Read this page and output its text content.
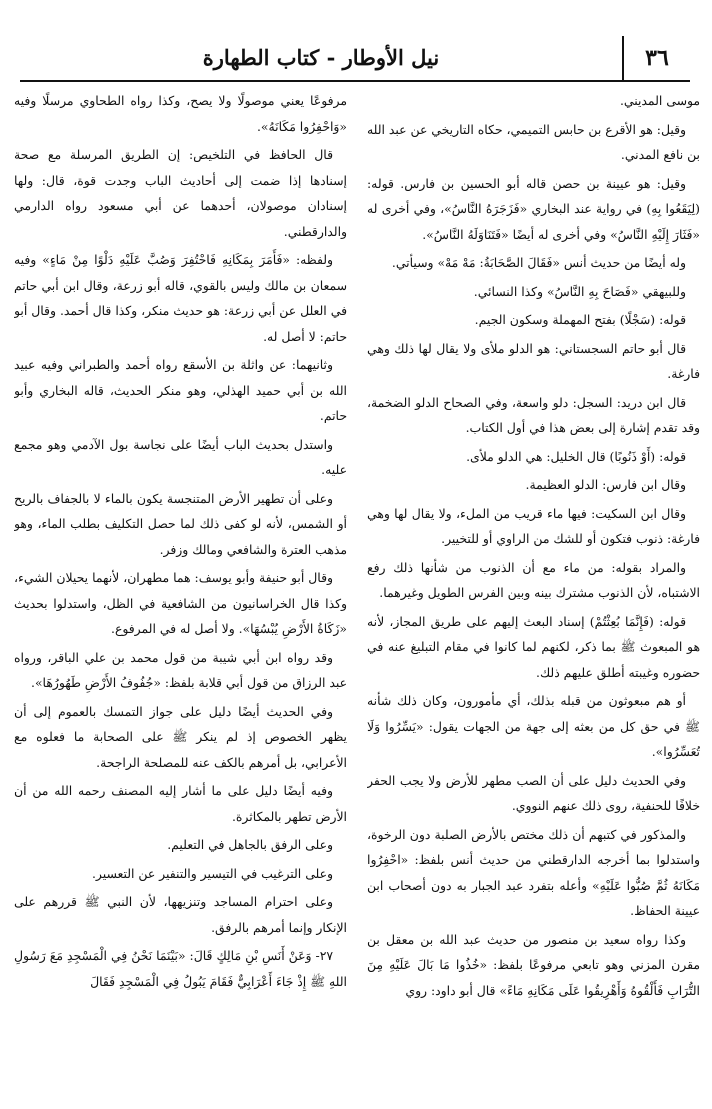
نيل الأوطار - كتاب الطهارة	٣٦

موسى المديني.

وقيل: هو الأقرع بن حابس التميمي، حكاه التاريخي عن عبد الله بن نافع المدني.

وقيل: هو عيينة بن حصن قاله أبو الحسين بن فارس. قوله: (لِيَقَعُوا بِهِ) في رواية عند البخاري «فَزَجَرَهُ النَّاسُ»، وفي أخرى له «فَثَارَ إِلَيْهِ النَّاسُ» وفي أخرى له أيضًا «فَتَنَاوَلَهُ النَّاسُ».

وله أيضًا من حديث أنس «فَقَالَ الصَّحَابَةُ: مَهْ مَهْ» وسيأتي.

وللبيهقي «فَصَاحَ بِهِ النَّاسُ» وكذا النسائي.

قوله: (سَجْلًا) بفتح المهملة وسكون الجيم.

قال أبو حاتم السجستاني: هو الدلو ملأى ولا يقال لها ذلك وهي فارغة.

قال ابن دريد: السجل: دلو واسعة، وفي الصحاح الدلو الضخمة، وقد تقدم إشارة إلى بعض هذا في أول الكتاب.

قوله: (أَوْ ذَنُوبًا) قال الخليل: هي الدلو ملأى.

وقال ابن فارس: الدلو العظيمة.

وقال ابن السكيت: فيها ماء قريب من الملء، ولا يقال لها وهي فارغة: ذنوب فتكون أو للشك من الراوي أو للتخيير.

والمراد بقوله: من ماء مع أن الذنوب من شأنها ذلك رفع الاشتباه، لأن الذنوب مشترك بينه وبين الفرس الطويل وغيرهما.

قوله: (فَإِنَّمَا بُعِثْتُمْ) إسناد البعث إليهم على طريق المجاز، لأنه هو المبعوث ﷺ بما ذكر، لكنهم لما كانوا في مقام التبليغ عنه في حضوره وغيبته أطلق عليهم ذلك.

أو هم مبعوثون من قبله بذلك، أي مأمورون، وكان ذلك شأنه ﷺ في حق كل من بعثه إلى جهة من الجهات يقول: «يَسِّرُوا وَلَا تُعَسِّرُوا».

وفي الحديث دليل على أن الصب مطهر للأرض ولا يجب الحفر خلافًا للحنفية، روى ذلك عنهم النووي.

والمذكور في كتبهم أن ذلك مختص بالأرض الصلبة دون الرخوة، واستدلوا بما أخرجه الدارقطني من حديث أنس بلفظ: «احْفِرُوا مَكَانَهُ ثُمَّ صُبُّوا عَلَيْهِ» وأعله بتفرد عبد الجبار به دون أصحاب ابن عيينة الحفاظ.

وكذا رواه سعيد بن منصور من حديث عبد الله بن معقل بن مقرن المزني وهو تابعي مرفوعًا بلفظ: «خُذُوا مَا بَالَ عَلَيْهِ مِنَ التُّرَابِ فَأَلْقُوهُ وَأَهْرِيقُوا عَلَى مَكَانِهِ مَاءً» قال أبو داود: روي

مرفوعًا يعني موصولًا ولا يصح، وكذا رواه الطحاوي مرسلًا وفيه «وَاحْفِرُوا مَكَانَهُ».

قال الحافظ في التلخيص: إن الطريق المرسلة مع صحة إسنادها إذا ضمت إلى أحاديث الباب وجدت قوة، قال: ولها إسنادان موصولان، أحدهما عن أبي مسعود رواه الدارمي والدارقطني.

ولفظه: «فَأَمَرَ بِمَكَانِهِ فَاحْتُفِرَ وَصُبَّ عَلَيْهِ دَلْوًا مِنْ مَاءٍ» وفيه سمعان بن مالك وليس بالقوي، قاله أبو زرعة، وقال ابن أبي حاتم في العلل عن أبي زرعة: هو حديث منكر، وكذا قال أحمد. وقال أبو حاتم: لا أصل له.

وثانيهما: عن واثلة بن الأسقع رواه أحمد والطبراني وفيه عبيد الله بن أبي حميد الهذلي، وهو منكر الحديث، قاله البخاري وأبو حاتم.

واستدل بحديث الباب أيضًا على نجاسة بول الآدمي وهو مجمع عليه.

وعلى أن تطهير الأرض المتنجسة يكون بالماء لا بالجفاف بالريح أو الشمس، لأنه لو كفى ذلك لما حصل التكليف بطلب الماء، وهو مذهب العترة والشافعي ومالك وزفر.

وقال أبو حنيفة وأبو يوسف: هما مطهران، لأنهما يحيلان الشيء، وكذا قال الخراسانيون من الشافعية في الظل، واستدلوا بحديث «زَكَاةُ الأَرْضِ يُبْسُهَا». ولا أصل له في المرفوع.

وقد رواه ابن أبي شيبة من قول محمد بن علي الباقر، ورواه عبد الرزاق من قول أبي قلابة بلفظ: «جُفُوفُ الأَرْضِ طَهُورُهَا».

وفي الحديث أيضًا دليل على جواز التمسك بالعموم إلى أن يظهر الخصوص إذ لم ينكر ﷺ على الصحابة ما فعلوه مع الأعرابي، بل أمرهم بالكف عنه للمصلحة الراجحة.

وفيه أيضًا دليل على ما أشار إليه المصنف رحمه الله من أن الأرض تطهر بالمكاثرة.

وعلى الرفق بالجاهل في التعليم.

وعلى الترغيب في التيسير والتنفير عن التعسير.

وعلى احترام المساجد وتنزيهها، لأن النبي ﷺ قررهم على الإنكار وإنما أمرهم بالرفق.

٢٧- وَعَنْ أَنَسِ بْنِ مَالِكٍ قَالَ: «بَيْنَمَا نَحْنُ فِي الْمَسْجِدِ مَعَ رَسُولِ اللهِ ﷺ إِذْ جَاءَ أَعْرَابِيٌّ فَقَامَ يَبُولُ فِي الْمَسْجِدِ فَقَالَ
